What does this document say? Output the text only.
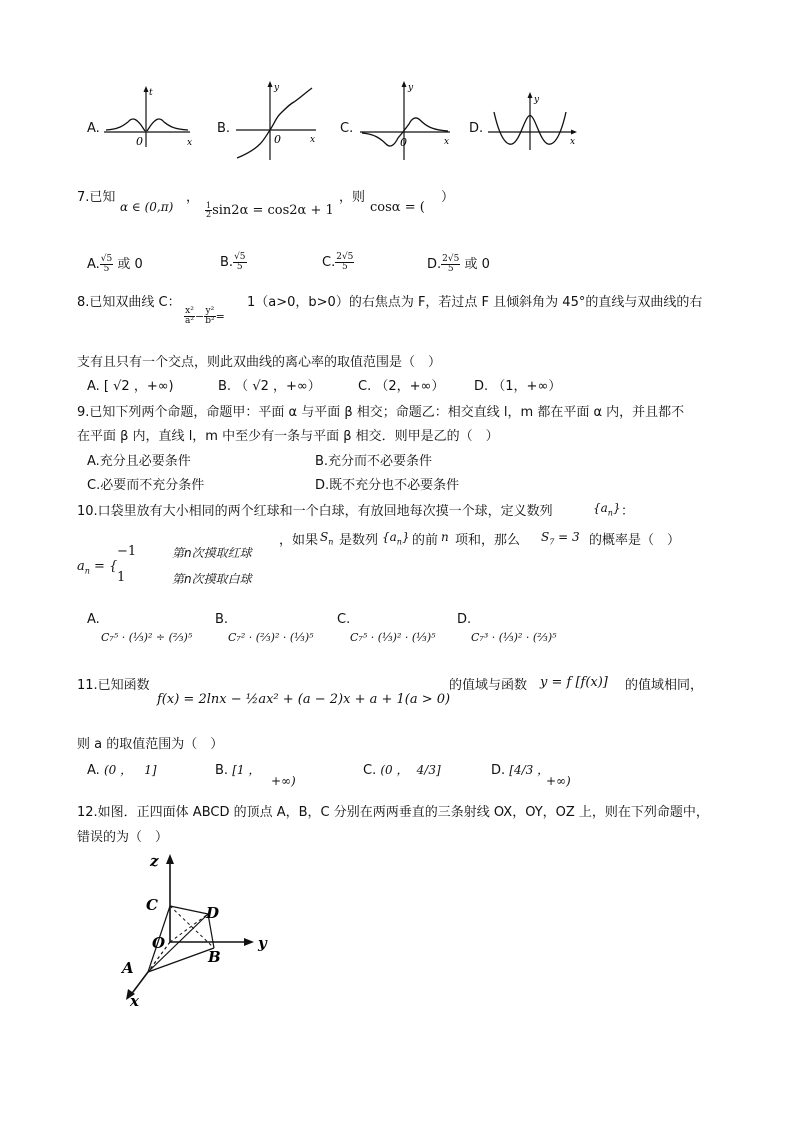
A.
t
x
0
B.
y
x
0
C.
y
x
0
D.
y
x
7.已知
α ∈ (0,π)
，
$\frac{1}{2} \sin 2\alpha = \cos 2\alpha + 1$
，则
cosα = (
）
A. $\frac{√5}{5}$ 或 0	B. $\frac{√5}{5}$	C. $\frac{2√5}{5}$	D. $\frac{2√5}{5}$ 或 0
8.已知双曲线 C：
$\frac{\text{x²}}{\text{a²}} - \frac{\text{y²}}{\text{b²}}$ =
1（a>0，b>0）的右焦点为 F，若过点 F 且倾斜角为 45°的直线与双曲线的右
支有且只有一个交点，则此双曲线的离心率的取值范围是（　）
A. [ √2 ，+∞)	B. （ √2 ，+∞）	C. （2，+∞） D. （1，+∞）
9.已知下列两个命题，命题甲：平面 α 与平面 β 相交；命题乙：相交直线 l，m 都在平面 α 内，并且都不
在平面 β 内，直线 l，m 中至少有一条与平面 β 相交．则甲是乙的（　）
A.充分且必要条件	B.充分而不必要条件
C.必要而不充分条件	D.既不充分也不必要条件
10.口袋里放有大小相同的两个红球和一个白球，有放回地每次摸一个球，定义数列	$\{a_n\}$ ：
$a_n$ = {
−1	第n次摸取红球
1	第n次摸取白球
，如果 $S_n$ 是数列 $\{a_n\}$ 的前 n 项和，那么 $S_7 = 3$ 的概率是（　）
A.
C₇⁵ · (⅓)² ÷ (⅔)⁵
B.
C₇² · (⅔)² · (⅓)⁵
C.
C₇⁵ · (⅓)² · (⅓)⁵
D.
C₇³ · (⅓)² · (⅔)⁵
11.已知函数
f(x) = 2lnx − ½ax² + (a − 2)x + a + 1(a > 0)
的值域与函数 y = f [f(x)] 的值域相同，
则 a 的取值范围为（　）
A. (0 ， 1]	B. [1 ，
+∞)
C. (0 ， 4/3]	D. [4/3 ，
+∞)
12.如图．正四面体 ABCD 的顶点 A，B，C 分别在两两垂直的三条射线 OX，OY，OZ 上，则在下列命题中，
错误的为（　）
z
y
x
C	D
O
A
B
